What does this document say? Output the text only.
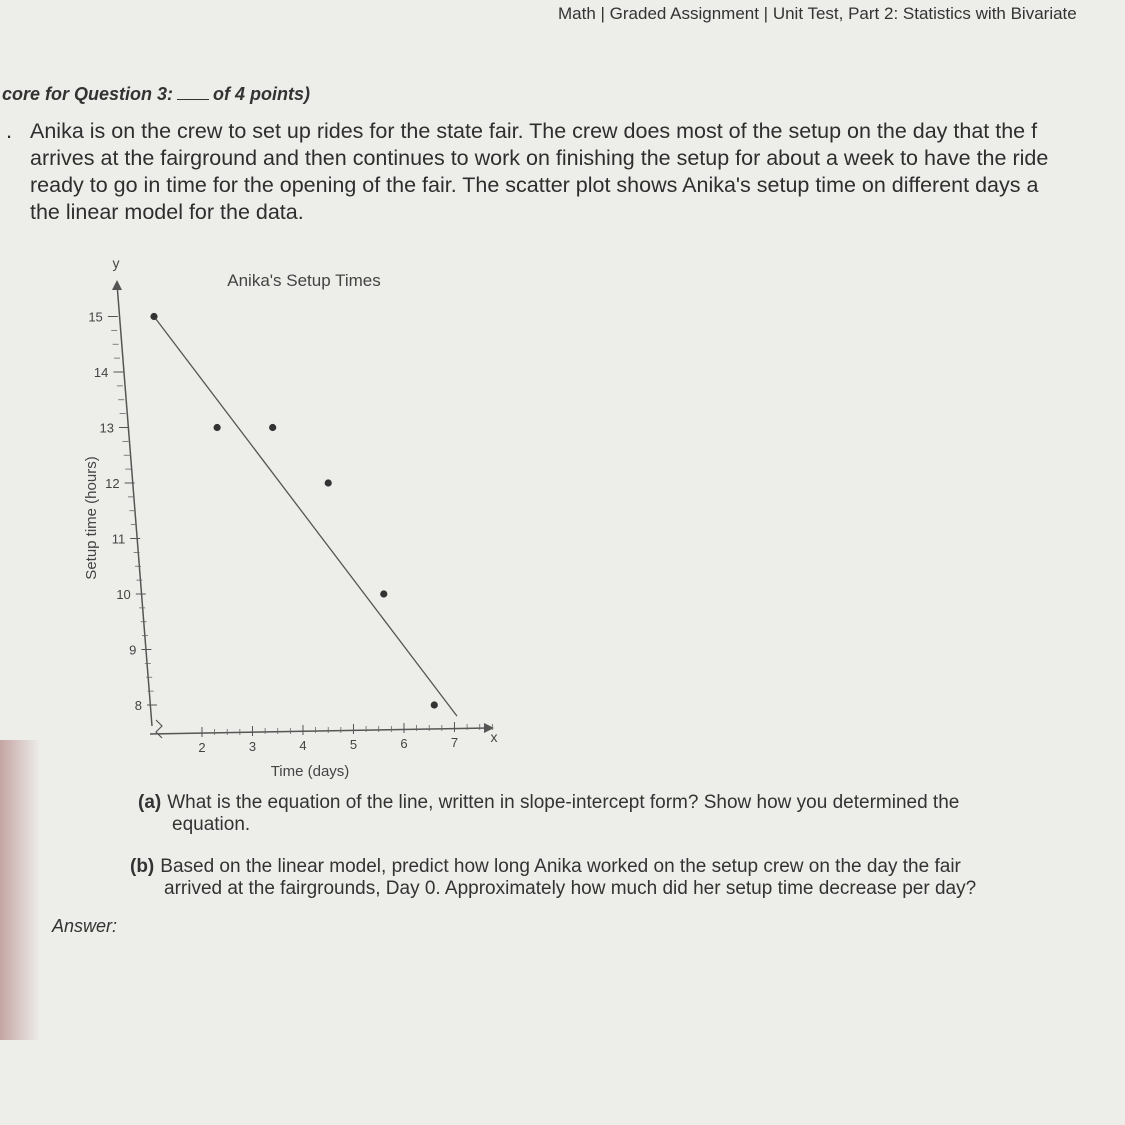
Math | Graded Assignment | Unit Test, Part 2: Statistics with Bivariate
core for Question 3: of 4 points)
. Anika is on the crew to set up rides for the state fair. The crew does most of the setup on the day that the f
arrives at the fairground and then continues to work on finishing the setup for about a week to have the ride
ready to go in time for the opening of the fair. The scatter plot shows Anika's setup time on different days a
the linear model for the data.
Anika's Setup Times
y
x
Setup time (hours)
Time (days)
8
9
10
11
12
13
14
15
2	3	4	5	6	7
(a) What is the equation of the line, written in slope-intercept form? Show how you determined the
equation.
(b) Based on the linear model, predict how long Anika worked on the setup crew on the day the fair
arrived at the fairgrounds, Day 0. Approximately how much did her setup time decrease per day?
Answer:
